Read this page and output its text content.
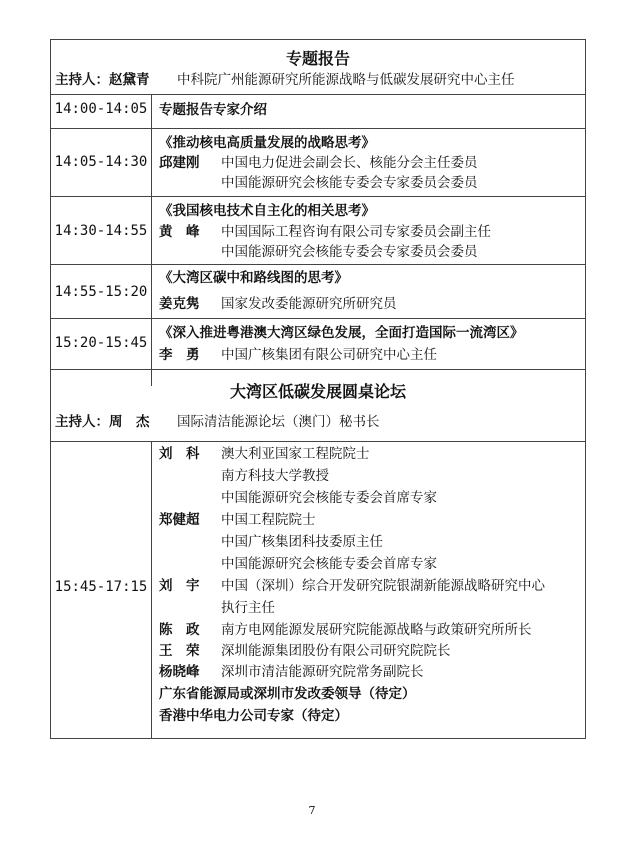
专题报告
主持人：赵黛青 中科院广州能源研究所能源战略与低碳发展研究中心主任
14:00-14:05 专题报告专家介绍
《推动核电高质量发展的战略思考》
14:05-14:30 邱建刚 中国电力促进会副会长、核能分会主任委员
中国能源研究会核能专委会专家委员会委员
《我国核电技术自主化的相关思考》
14:30-14:55 黄　峰 中国国际工程咨询有限公司专家委员会副主任
中国能源研究会核能专委会专家委员会委员
《大湾区碳中和路线图的思考》
14:55-15:20
姜克隽 国家发改委能源研究所研究员
《深入推进粤港澳大湾区绿色发展，全面打造国际一流湾区》
15:20-15:45
李　勇 中国广核集团有限公司研究中心主任
大湾区低碳发展圆桌论坛
主持人：周　杰 国际清洁能源论坛（澳门）秘书长
15:45-17:15
刘　科 澳大利亚国家工程院院士
南方科技大学教授
中国能源研究会核能专委会首席专家
郑健超 中国工程院院士
中国广核集团科技委原主任
中国能源研究会核能专委会首席专家
刘　宇 中国（深圳）综合开发研究院银湖新能源战略研究中心
执行主任
陈　政 南方电网能源发展研究院能源战略与政策研究所所长
王　荣 深圳能源集团股份有限公司研究院院长
杨晓峰 深圳市清洁能源研究院常务副院长
广东省能源局或深圳市发改委领导（待定）
香港中华电力公司专家（待定）
7
